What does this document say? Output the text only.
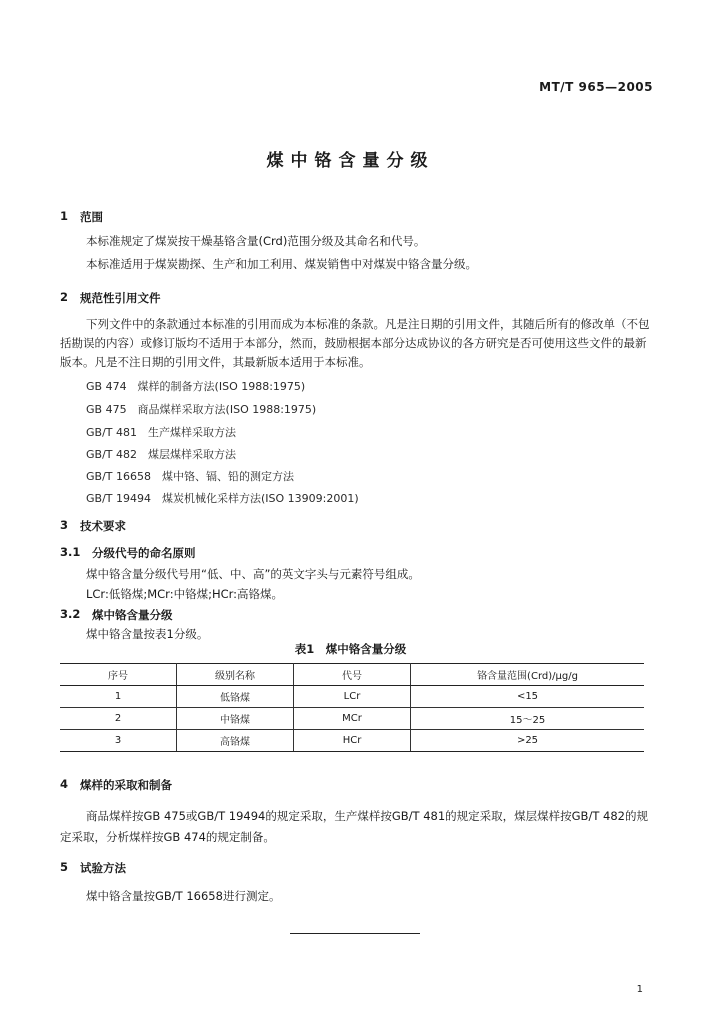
MT/T 965—2005
煤中铬含量分级
1 范围
本标准规定了煤炭按干燥基铬含量(Crd)范围分级及其命名和代号。
本标准适用于煤炭勘探、生产和加工利用、煤炭销售中对煤炭中铬含量分级。
2 规范性引用文件
下列文件中的条款通过本标准的引用而成为本标准的条款。凡是注日期的引用文件，其随后所有的修改单（不包括勘误的内容）或修订版均不适用于本部分，然而，鼓励根据本部分达成协议的各方研究是否可使用这些文件的最新版本。凡是不注日期的引用文件，其最新版本适用于本标准。
GB 474　煤样的制备方法(ISO 1988:1975)
GB 475　商品煤样采取方法(ISO 1988:1975)
GB/T 481　生产煤样采取方法
GB/T 482　煤层煤样采取方法
GB/T 16658　煤中铬、镉、铅的测定方法
GB/T 19494　煤炭机械化采样方法(ISO 13909:2001)
3 技术要求
3.1 分级代号的命名原则
煤中铬含量分级代号用“低、中、高”的英文字头与元素符号组成。
LCr:低铬煤;MCr:中铬煤;HCr:高铬煤。
3.2 煤中铬含量分级
煤中铬含量按表1分级。
表1　煤中铬含量分级
序号	级别名称	代号	铬含量范围(Crd)/μg/g
1	低铬煤	LCr	<15
2	中铬煤	MCr	15～25
3	高铬煤	HCr	>25
4 煤样的采取和制备
商品煤样按GB 475或GB/T 19494的规定采取，生产煤样按GB/T 481的规定采取，煤层煤样按GB/T 482的规定采取，分析煤样按GB 474的规定制备。
5 试验方法
煤中铬含量按GB/T 16658进行测定。
1
